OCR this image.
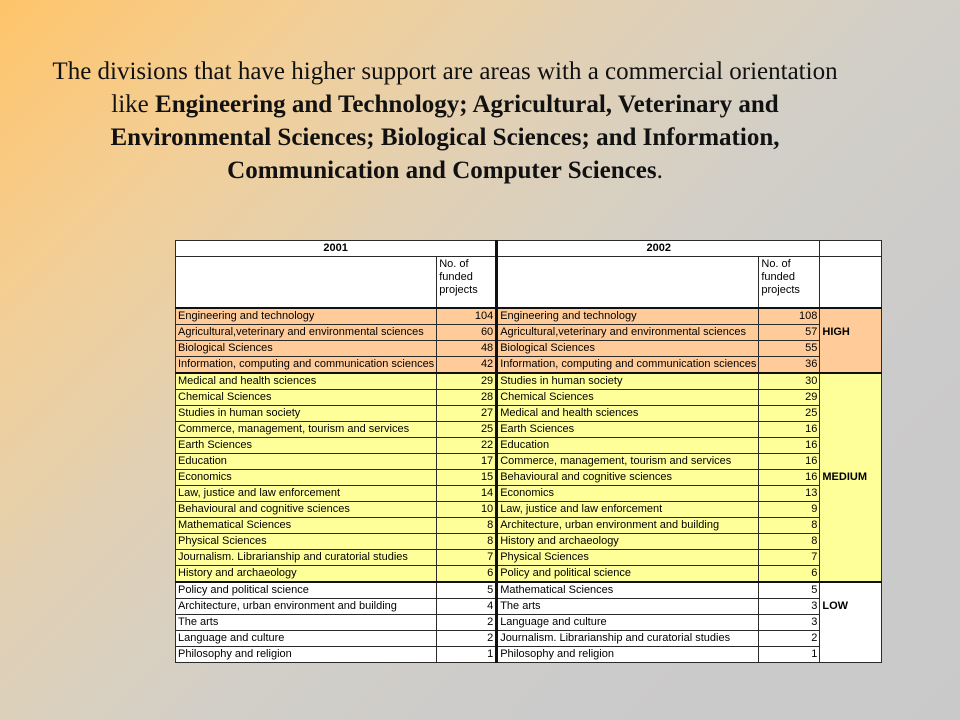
The divisions that have higher support are areas with a commercial orientation like Engineering and Technology; Agricultural, Veterinary and Environmental Sciences; Biological Sciences; and Information, Communication and Computer Sciences.
2001		2002		
	No. of funded projects		No. of funded projects	
Engineering and technology	104	Engineering and technology	108	
Agricultural,veterinary and environmental sciences	60	Agricultural,veterinary and environmental sciences	57	HIGH
Biological Sciences	48	Biological Sciences	55	
Information, computing and communication sciences	42	Information, computing and communication sciences	36	
Medical and health sciences	29	Studies in human society	30	
Chemical Sciences	28	Chemical Sciences	29	
Studies in human society	27	Medical and health sciences	25	
Commerce, management, tourism and services	25	Earth Sciences	16	
Earth Sciences	22	Education	16	
Education	17	Commerce, management, tourism and services	16	
Economics	15	Behavioural and cognitive sciences	16	MEDIUM
Law, justice and law enforcement	14	Economics	13	
Behavioural and cognitive sciences	10	Law, justice and law enforcement	9	
Mathematical Sciences	8	Architecture, urban environment and building	8	
Physical Sciences	8	History and archaeology	8	
Journalism. Librarianship and curatorial studies	7	Physical Sciences	7	
History and archaeology	6	Policy and political science	6	
Policy and political science	5	Mathematical Sciences	5	
Architecture, urban environment and building	4	The arts	3	LOW
The arts	2	Language and culture	3	
Language and culture	2	Journalism. Librarianship and curatorial studies	2	
Philosophy and religion	1	Philosophy and religion	1	
